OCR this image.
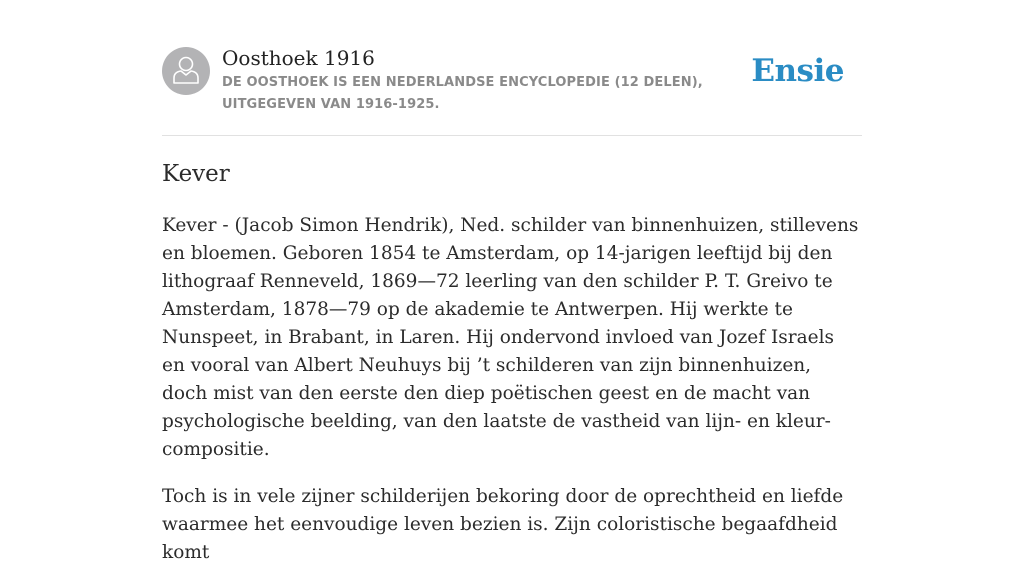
Oosthoek 1916
DE OOSTHOEK IS EEN NEDERLANDSE ENCYCLOPEDIE (12 DELEN), UITGEGEVEN VAN 1916-1925.
Ensie
Kever

Kever - (Jacob Simon Hendrik), Ned. schilder van binnenhuizen, stillevens en bloemen. Geboren 1854 te Amsterdam, op 14-jarigen leeftijd bij den lithograaf Renneveld, 1869—72 leerling van den schilder P. T. Greivo te Amsterdam, 1878—79 op de akademie te Antwerpen. Hij werkte te Nunspeet, in Brabant, in Laren. Hij ondervond invloed van Jozef Israels en vooral van Albert Neuhuys bij ’t schilderen van zijn binnenhuizen, doch mist van den eerste den diep poëtischen geest en de macht van psychologische beelding, van den laatste de vastheid van lijn- en kleur-compositie.

Toch is in vele zijner schilderijen bekoring door de oprechtheid en liefde waarmee het eenvoudige leven bezien is. Zijn coloristische begaafdheid komt
